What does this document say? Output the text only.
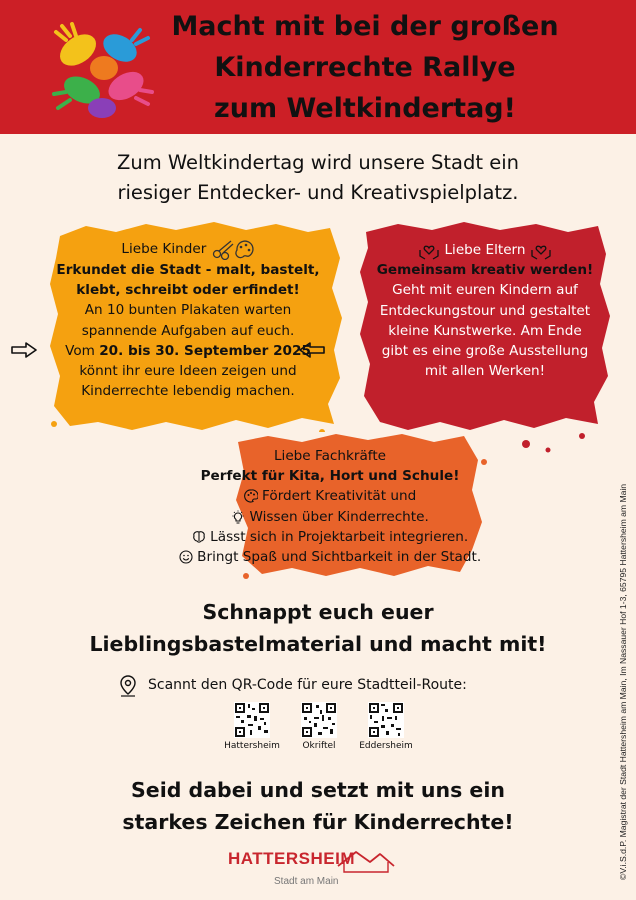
Macht mit bei der großen
Kinderrechte Rallye
zum Weltkindertag!
Zum Weltkindertag wird unsere Stadt ein
riesiger Entdecker- und Kreativspielplatz.
Liebe Kinder
Erkundet die Stadt - malt, bastelt,
klebt, schreibt oder erfindet!
An 10 bunten Plakaten warten
spannende Aufgaben auf euch.
Vom 20. bis 30. September 2025
könnt ihr eure Ideen zeigen und
Kinderrechte lebendig machen.
Liebe Eltern
Gemeinsam kreativ werden!
Geht mit euren Kindern auf
Entdeckungstour und gestaltet
kleine Kunstwerke. Am Ende
gibt es eine große Ausstellung
mit allen Werken!
Liebe Fachkräfte
Perfekt für Kita, Hort und Schule!
Fördert Kreativität und
Wissen über Kinderrechte.
Lässt sich in Projektarbeit integrieren.
Bringt Spaß und Sichtbarkeit in der Stadt.
Schnappt euch euer
Lieblingsbastelmaterial und macht mit!
Scannt den QR-Code für eure Stadtteil-Route:
Hattersheim	Okriftel	Eddersheim
Seid dabei und setzt mit uns ein
starkes Zeichen für Kinderrechte!
HATTERSHEIM
Stadt am Main
©V.i.S.d.P. Magistrat der Stadt Hattersheim am Main, Im Nassauer Hof 1-3, 65795 Hattersheim am Main
